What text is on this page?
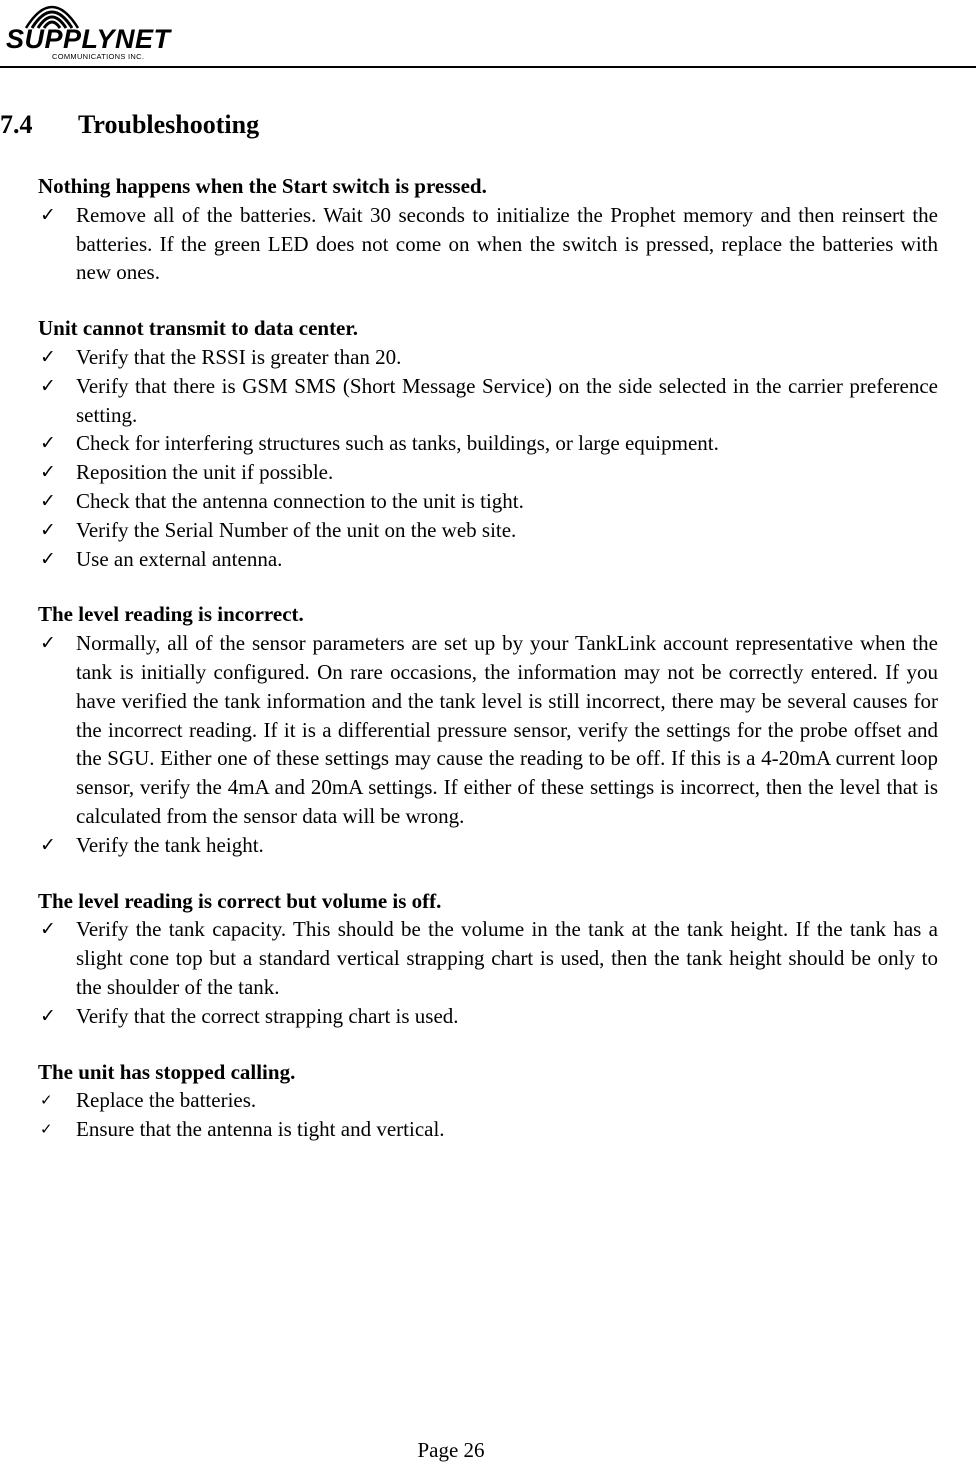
SUPPLYNET
COMMUNICATIONS INC.
7.4 Troubleshooting
Nothing happens when the Start switch is pressed.
✓ Remove all of the batteries. Wait 30 seconds to initialize the Prophet memory and then reinsert the batteries. If the green LED does not come on when the switch is pressed, replace the batteries with new ones.
Unit cannot transmit to data center.
✓ Verify that the RSSI is greater than 20.
✓ Verify that there is GSM SMS (Short Message Service) on the side selected in the carrier preference setting.
✓ Check for interfering structures such as tanks, buildings, or large equipment.
✓ Reposition the unit if possible.
✓ Check that the antenna connection to the unit is tight.
✓ Verify the Serial Number of the unit on the web site.
✓ Use an external antenna.
The level reading is incorrect.
✓ Normally, all of the sensor parameters are set up by your TankLink account representative when the tank is initially configured. On rare occasions, the information may not be correctly entered. If you have verified the tank information and the tank level is still incorrect, there may be several causes for the incorrect reading. If it is a differential pressure sensor, verify the settings for the probe offset and the SGU. Either one of these settings may cause the reading to be off. If this is a 4-20mA current loop sensor, verify the 4mA and 20mA settings. If either of these settings is incorrect, then the level that is calculated from the sensor data will be wrong.
✓ Verify the tank height.
The level reading is correct but volume is off.
✓ Verify the tank capacity. This should be the volume in the tank at the tank height. If the tank has a slight cone top but a standard vertical strapping chart is used, then the tank height should be only to the shoulder of the tank.
✓ Verify that the correct strapping chart is used.
The unit has stopped calling.
✓ Replace the batteries.
✓ Ensure that the antenna is tight and vertical.
Page 26
